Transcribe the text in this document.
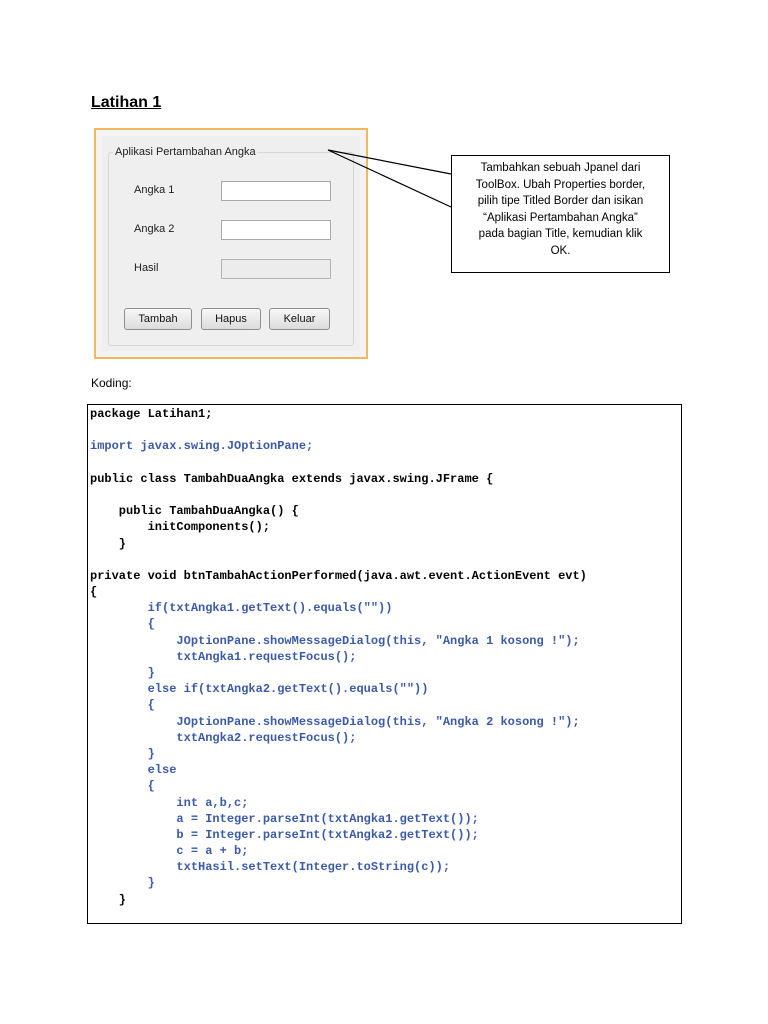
Latihan 1
Aplikasi Pertambahan Angka
Angka 1
Angka 2
Hasil
Tambah	Hapus	Keluar
Tambahkan sebuah Jpanel dari
ToolBox. Ubah Properties border,
pilih tipe Titled Border dan isikan
“Aplikasi Pertambahan Angka”
pada bagian Title, kemudian klik
OK.
Koding:
package Latihan1;
import javax.swing.JOptionPane;
public class TambahDuaAngka extends javax.swing.JFrame {
public TambahDuaAngka() {
initComponents();
}
private void btnTambahActionPerformed(java.awt.event.ActionEvent evt)
{
if(txtAngka1.getText().equals(""))
{
JOptionPane.showMessageDialog(this, "Angka 1 kosong !");
txtAngka1.requestFocus();
}
else if(txtAngka2.getText().equals(""))
{
JOptionPane.showMessageDialog(this, "Angka 2 kosong !");
txtAngka2.requestFocus();
}
else
{
int a,b,c;
a = Integer.parseInt(txtAngka1.getText());
b = Integer.parseInt(txtAngka2.getText());
c = a + b;
txtHasil.setText(Integer.toString(c));
}
}
